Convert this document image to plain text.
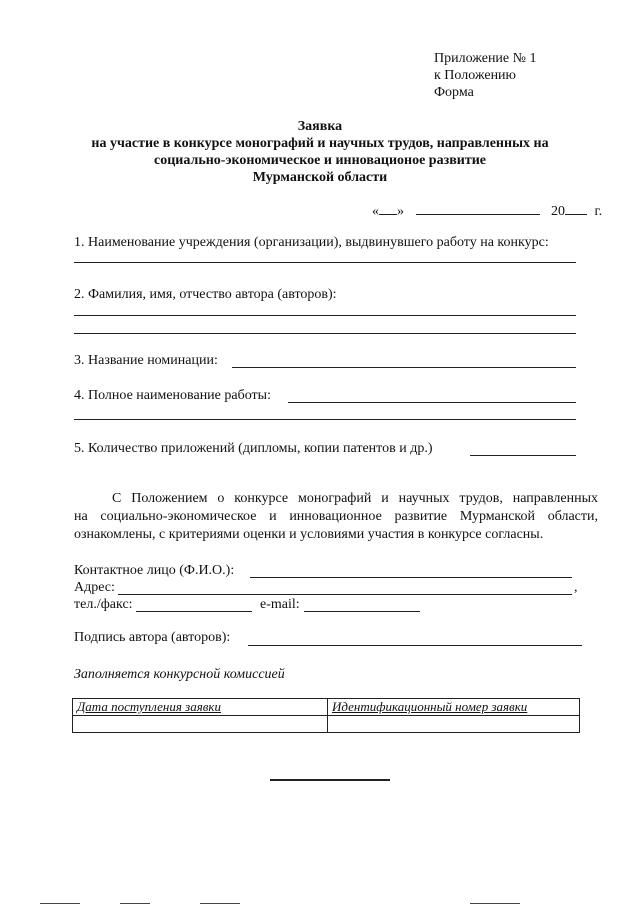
Приложение № 1
к Положению
Форма
Заявка
на участие в конкурсе монографий и научных трудов, направленных на
социально-экономическое и инновационое развитие
Мурманской области
« »	20 г.
1. Наименование учреждения (организации), выдвинувшего работу на конкурс:
2. Фамилия, имя, отчество автора (авторов):
3. Название номинации:
4. Полное наименование работы:
5. Количество приложений (дипломы, копии патентов и др.)
С Положением о конкурсе монографий и научных трудов, направленных
на социально-экономическое и инновационное развитие Мурманской области,
ознакомлены, с критериями оценки и условиями участия в конкурсе согласны.
Контактное лицо (Ф.И.О.):
Адрес:	,
тел./факс:	e-mail:
Подпись автора (авторов):
Заполняется конкурсной комиссией
Дата поступления заявки	Идентификационный номер заявки
